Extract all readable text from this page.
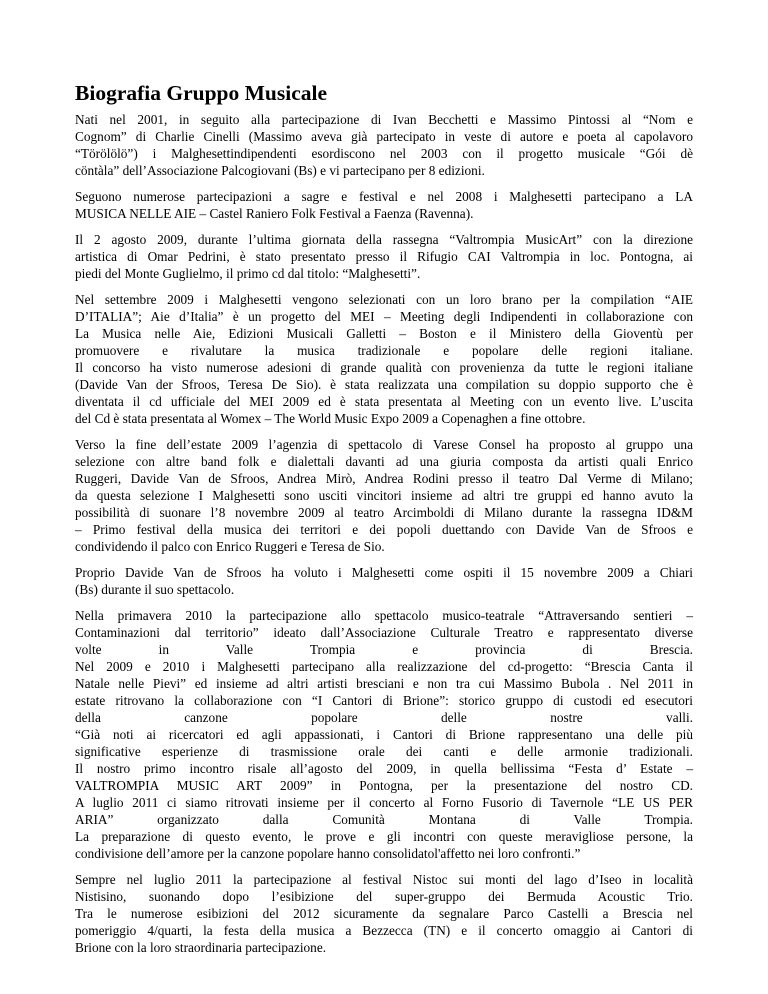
Biografia Gruppo Musicale

Nati nel 2001, in seguito alla partecipazione di Ivan Becchetti e Massimo Pintossi al “Nom e
Cognom” di Charlie Cinelli (Massimo aveva già partecipato in veste di autore e poeta al capolavoro
“Törölölö”) i Malghesettindipendenti esordiscono nel 2003 con il progetto musicale “Gói dè
cöntàla” dell’Associazione Palcogiovani (Bs) e vi partecipano per 8 edizioni.

Seguono numerose partecipazioni a sagre e festival e nel 2008 i Malghesetti partecipano a LA
MUSICA NELLE AIE – Castel Raniero Folk Festival a Faenza (Ravenna).

Il 2 agosto 2009, durante l’ultima giornata della rassegna “Valtrompia MusicArt” con la direzione
artistica di Omar Pedrini, è stato presentato presso il Rifugio CAI Valtrompia in loc. Pontogna, ai
piedi del Monte Guglielmo, il primo cd dal titolo: “Malghesetti”.

Nel settembre 2009 i Malghesetti vengono selezionati con un loro brano per la compilation “AIE
D’ITALIA”; Aie d’Italia” è un progetto del MEI – Meeting degli Indipendenti in collaborazione con
La Musica nelle Aie, Edizioni Musicali Galletti – Boston e il Ministero della Gioventù per
promuovere e rivalutare la musica tradizionale e popolare delle regioni italiane.
Il concorso ha visto numerose adesioni di grande qualità con provenienza da tutte le regioni italiane
(Davide Van der Sfroos, Teresa De Sio). è stata realizzata una compilation su doppio supporto che è
diventata il cd ufficiale del MEI 2009 ed è stata presentata al Meeting con un evento live. L’uscita
del Cd è stata presentata al Womex – The World Music Expo 2009 a Copenaghen a fine ottobre.

Verso la fine dell’estate 2009 l’agenzia di spettacolo di Varese Consel ha proposto al gruppo una
selezione con altre band folk e dialettali davanti ad una giuria composta da artisti quali Enrico
Ruggeri, Davide Van de Sfroos, Andrea Mirò, Andrea Rodini presso il teatro Dal Verme di Milano;
da questa selezione I Malghesetti sono usciti vincitori insieme ad altri tre gruppi ed hanno avuto la
possibilità di suonare l’8 novembre 2009 al teatro Arcimboldi di Milano durante la rassegna ID&M
– Primo festival della musica dei territori e dei popoli duettando con Davide Van de Sfroos e
condividendo il palco con Enrico Ruggeri e Teresa de Sio.

Proprio Davide Van de Sfroos ha voluto i Malghesetti come ospiti il 15 novembre 2009 a Chiari
(Bs) durante il suo spettacolo.

Nella primavera 2010 la partecipazione allo spettacolo musico-teatrale “Attraversando sentieri –
Contaminazioni dal territorio” ideato dall’Associazione Culturale Treatro e rappresentato diverse
volte in Valle Trompia e provincia di Brescia.
Nel 2009 e 2010 i Malghesetti partecipano alla realizzazione del cd-progetto: “Brescia Canta il
Natale nelle Pievi” ed insieme ad altri artisti bresciani e non tra cui Massimo Bubola . Nel 2011 in
estate ritrovano la collaborazione con “I Cantori di Brione”: storico gruppo di custodi ed esecutori
della canzone popolare delle nostre valli.
“Già noti ai ricercatori ed agli appassionati, i Cantori di Brione rappresentano una delle più
significative esperienze di trasmissione orale dei canti e delle armonie tradizionali.
Il nostro primo incontro risale all’agosto del 2009, in quella bellissima “Festa d’ Estate –
VALTROMPIA MUSIC ART 2009” in Pontogna, per la presentazione del nostro CD.
A luglio 2011 ci siamo ritrovati insieme per il concerto al Forno Fusorio di Tavernole “LE US PER
ARIA” organizzato dalla Comunità Montana di Valle Trompia.
La preparazione di questo evento, le prove e gli incontri con queste meravigliose persone, la
condivisione dell’amore per la canzone popolare hanno consolidatol'affetto nei loro confronti.”

Sempre nel luglio 2011 la partecipazione al festival Nistoc sui monti del lago d’Iseo in località
Nistisino, suonando dopo l’esibizione del super-gruppo dei Bermuda Acoustic Trio.
Tra le numerose esibizioni del 2012 sicuramente da segnalare Parco Castelli a Brescia nel
pomeriggio 4/quarti, la festa della musica a Bezzecca (TN) e il concerto omaggio ai Cantori di
Brione con la loro straordinaria partecipazione.
